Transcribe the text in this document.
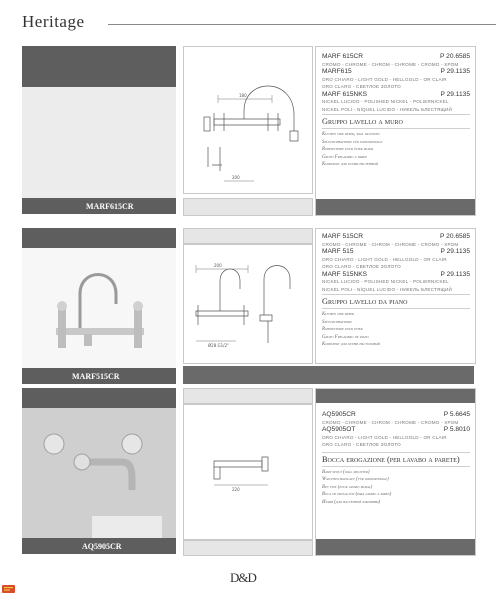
Heritage
MARF615CR
180
200
MARF 615CR	P 20.6585
CROMO - CHROME - CHROM - CHROME - CROMO - ХРОМ
MARF615	P 29.1135
ORO CHIARO - LIGHT GOLD - HELLGOLD - OR CLAIR
ORO CLARO - СВЕТЛОЕ ЗОЛОТО
MARF 615NKS	P 29.1135
NICKEL LUCIDO - POLISHED NICKEL - POLIERNICKEL
NICKEL POLI - NÍQUEL LUCIDO - НИКЕЛЬ БЛЕСТЯЩИЙ
Gruppo lavello a muro
Kitchen sink mixer, wall mounted
Spültischbatterie für wandmontage
Robinetterie pour évier mural
Grupo Fregadero a pared
Комплект для кухни настенный
MARF515CR
200
Ø28 G1/2"
MARF 515CR	P 20.6585
CROMO - CHROME - CHROM - CHROME - CROMO - ХРОМ
MARF 515	P 29.1135
ORO CHIARO - LIGHT GOLD - HELLGOLD - OR CLAIR
ORO CLARO - СВЕТЛОЕ ЗОЛОТО
MARF 515NKS	P 29.1135
NICKEL LUCIDO - POLISHED NICKEL - POLIERNICKEL
NICKEL POLI - NÍQUEL LUCIDO - НИКЕЛЬ БЛЕСТЯЩИЙ
Gruppo lavello da piano
Kitchen sink mixer
Spültischbatterie
Robinetterie pour évier
Grupo Fregadero de piano
Комплект для кухни настольный
AQ5905CR
60
220
AQ5905CR	P 5.6645
CROMO - CHROME - CHROM - CHROME - CROMO - ХРОМ
AQ5905OT	P 5.8010
ORO CHIARO - LIGHT GOLD - HELLGOLD - OR CLAIR
ORO CLARO - СВЕТЛОЕ ЗОЛОТО
Bocca erogazione (per lavabo a parete)
Basin spout (wall mounted)
Waschtischauslauf (für wandmontage)
Bec fixe (pour lavabo mural)
Boca de erogación (para lavabo a pared)
Излив (для настенной раковины)
D&D
